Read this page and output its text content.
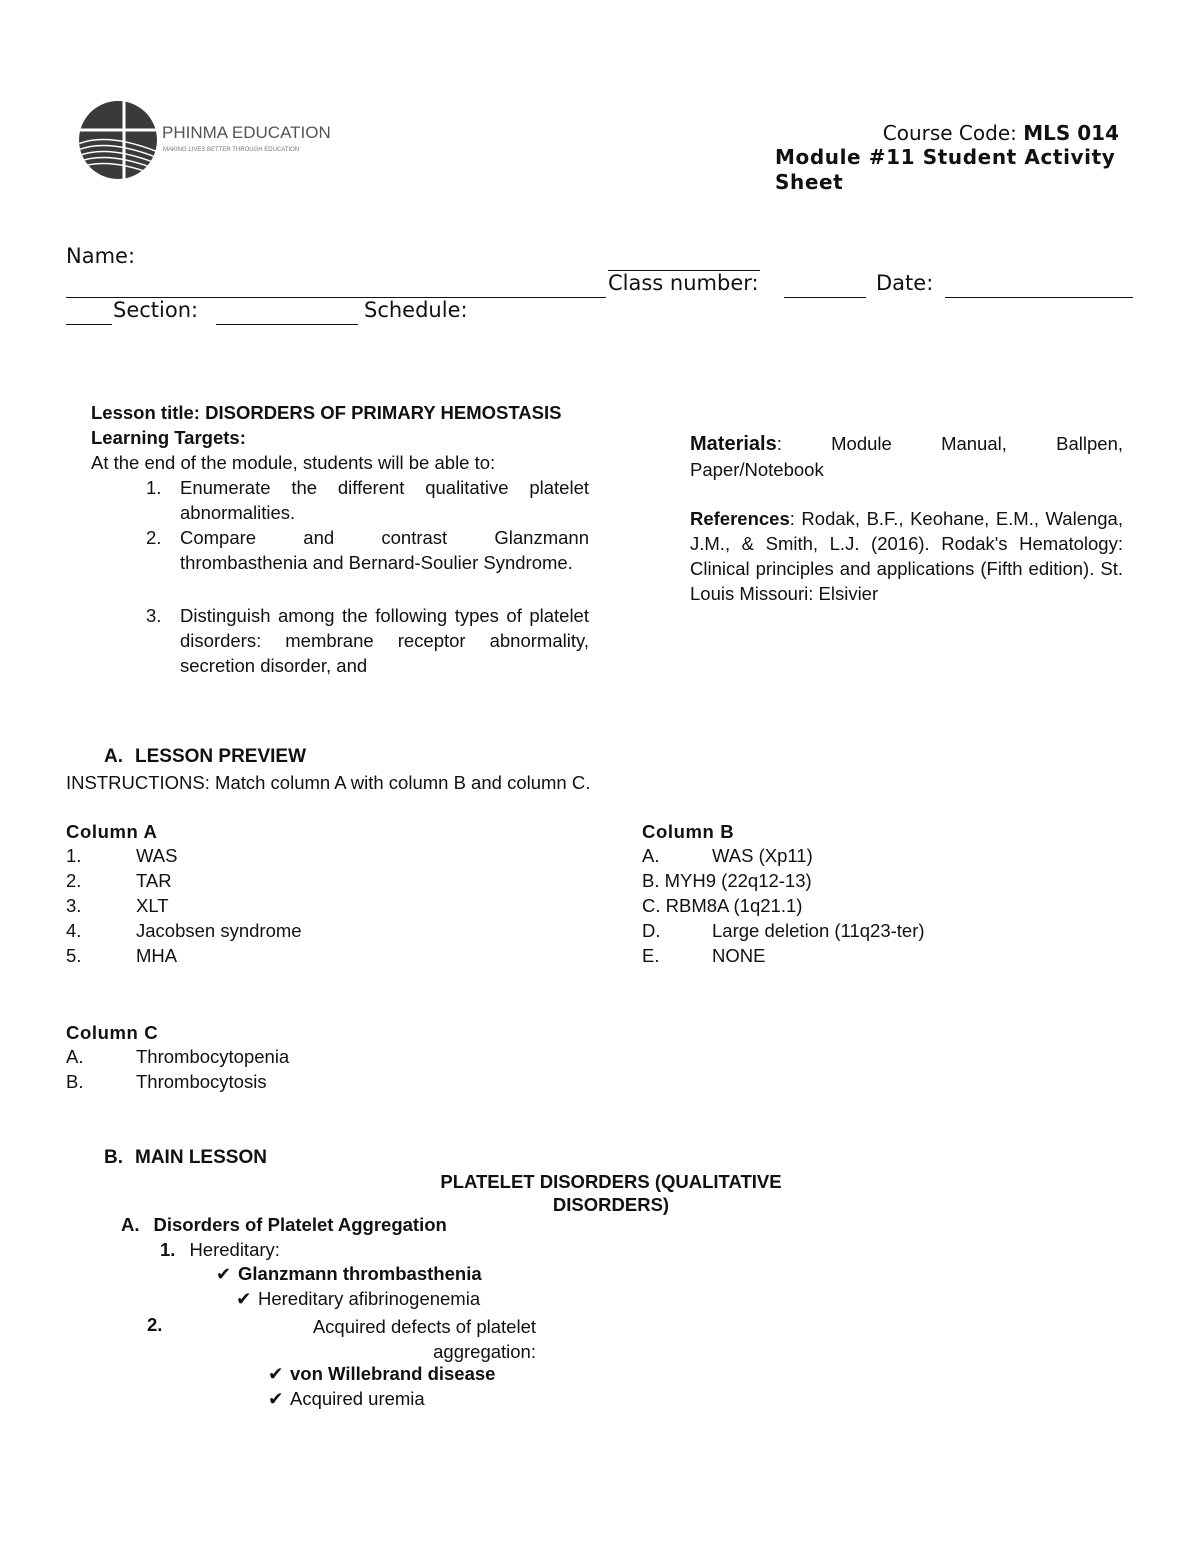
PHINMA EDUCATION
MAKING LIVES BETTER THROUGH EDUCATION
Course Code: MLS 014
Module #11 Student Activity Sheet
Name:
Class number:	Date:
Section:	Schedule:
Lesson title: DISORDERS OF PRIMARY HEMOSTASIS
Learning Targets:
At the end of the module, students will be able to:
1. Enumerate the different qualitative platelet abnormalities.
2. Compare and contrast Glanzmann thrombasthenia and Bernard-Soulier Syndrome.
3. Distinguish among the following types of platelet disorders: membrane receptor abnormality, secretion disorder, and
Materials: Module Manual, Ballpen, Paper/Notebook
References: Rodak, B.F., Keohane, E.M., Walenga, J.M., & Smith, L.J. (2016). Rodak's Hematology: Clinical principles and applications (Fifth edition). St. Louis Missouri: Elsivier
A. LESSON PREVIEW
INSTRUCTIONS: Match column A with column B and column C.
Column A
1.	WAS
2.	TAR
3.	XLT
4.	Jacobsen syndrome
5.	MHA
Column B
A.	WAS (Xp11)
B. MYH9 (22q12-13)
C. RBM8A (1q21.1)
D.	Large deletion (11q23-ter)
E.	NONE
Column C
A.	Thrombocytopenia
B.	Thrombocytosis
B. MAIN LESSON
PLATELET DISORDERS (QUALITATIVE DISORDERS)
A. Disorders of Platelet Aggregation
1. Hereditary:
✔ Glanzmann thrombasthenia
✔ Hereditary afibrinogenemia
2.	Acquired defects of platelet aggregation:
✔ von Willebrand disease
✔ Acquired uremia
